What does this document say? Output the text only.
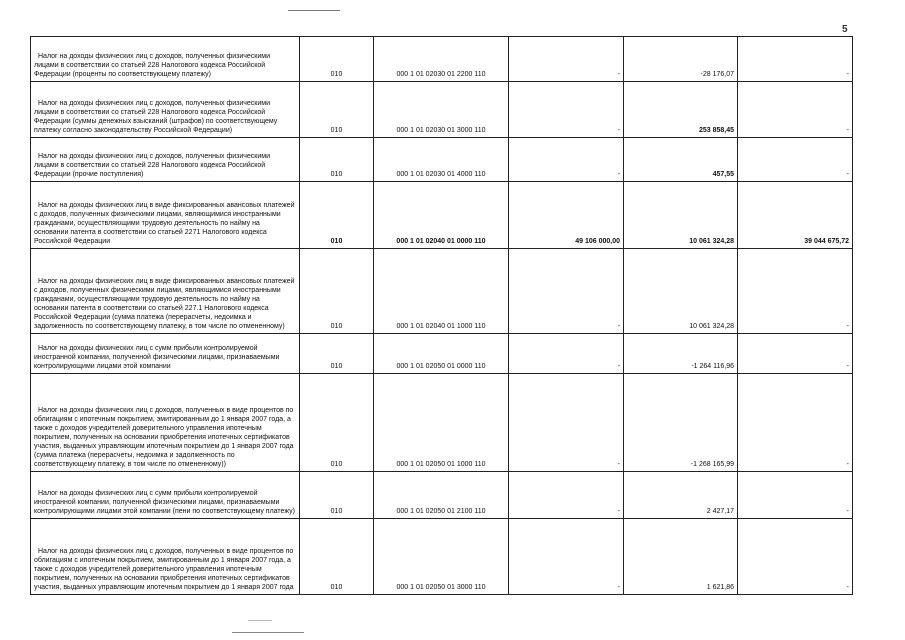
5
Налог на доходы физических лиц с доходов, полученных физическими лицами в соответствии со статьей 228 Налогового кодекса Российской Федерации (проценты по соответствующему платежу)	010	000 1 01 02030 01 2200 110	-	-28 176,07	-
Налог на доходы физических лиц с доходов, полученных физическими лицами в соответствии со статьей 228 Налогового кодекса Российской Федерации (суммы денежных взысканий (штрафов) по соответствующему платежу согласно законодательству Российской Федерации)	010	000 1 01 02030 01 3000 110	-	253 858,45	-
Налог на доходы физических лиц с доходов, полученных физическими лицами в соответствии со статьей 228 Налогового кодекса Российской Федерации (прочие поступления)	010	000 1 01 02030 01 4000 110	-	457,55	-
Налог на доходы физических лиц в виде фиксированных авансовых платежей с доходов, полученных физическими лицами, являющимися иностранными гражданами, осуществляющими трудовую деятельность по найму на основании патента в соответствии со статьей 2271 Налогового кодекса Российской Федерации	010	000 1 01 02040 01 0000 110	49 106 000,00	10 061 324,28	39 044 675,72
Налог на доходы физических лиц в виде фиксированных авансовых платежей с доходов, полученных физическими лицами, являющимися иностранными гражданами, осуществляющими трудовую деятельность по найму на основании патента в соответствии со статьей 227.1 Налогового кодекса Российской Федерации (сумма платежа (перерасчеты, недоимка и задолженность по соответствующему платежу, в том числе по отмененному)	010	000 1 01 02040 01 1000 110	-	10 061 324,28	-
Налог на доходы физических лиц с сумм прибыли контролируемой иностранной компании, полученной физическими лицами, признаваемыми контролирующими лицами этой компании	010	000 1 01 02050 01 0000 110	-	-1 264 116,96	-
Налог на доходы физических лиц с доходов, полученных в виде процентов по облигациям с ипотечным покрытием, эмитированным до 1 января 2007 года, а также с доходов учредителей доверительного управления ипотечным покрытием, полученных на основании приобретения ипотечных сертификатов участия, выданных управляющим ипотечным покрытием до 1 января 2007 года (сумма платежа (перерасчеты, недоимка и задолженность по соответствующему платежу, в том числе по отмененному))	010	000 1 01 02050 01 1000 110	-	-1 268 165,99	-
Налог на доходы физических лиц с сумм прибыли контролируемой иностранной компании, полученной физическими лицами, признаваемыми контролирующими лицами этой компании (пени по соответствующему платежу)	010	000 1 01 02050 01 2100 110	-	2 427,17	-
Налог на доходы физических лиц с доходов, полученных в виде процентов по облигациям с ипотечным покрытием, эмитированным до 1 января 2007 года, а также с доходов учредителей доверительного управления ипотечным покрытием, полученных на основании приобретения ипотечных сертификатов участия, выданных управляющим ипотечным покрытием до 1 января 2007 года	010	000 1 01 02050 01 3000 110	-	1 621,86	-
